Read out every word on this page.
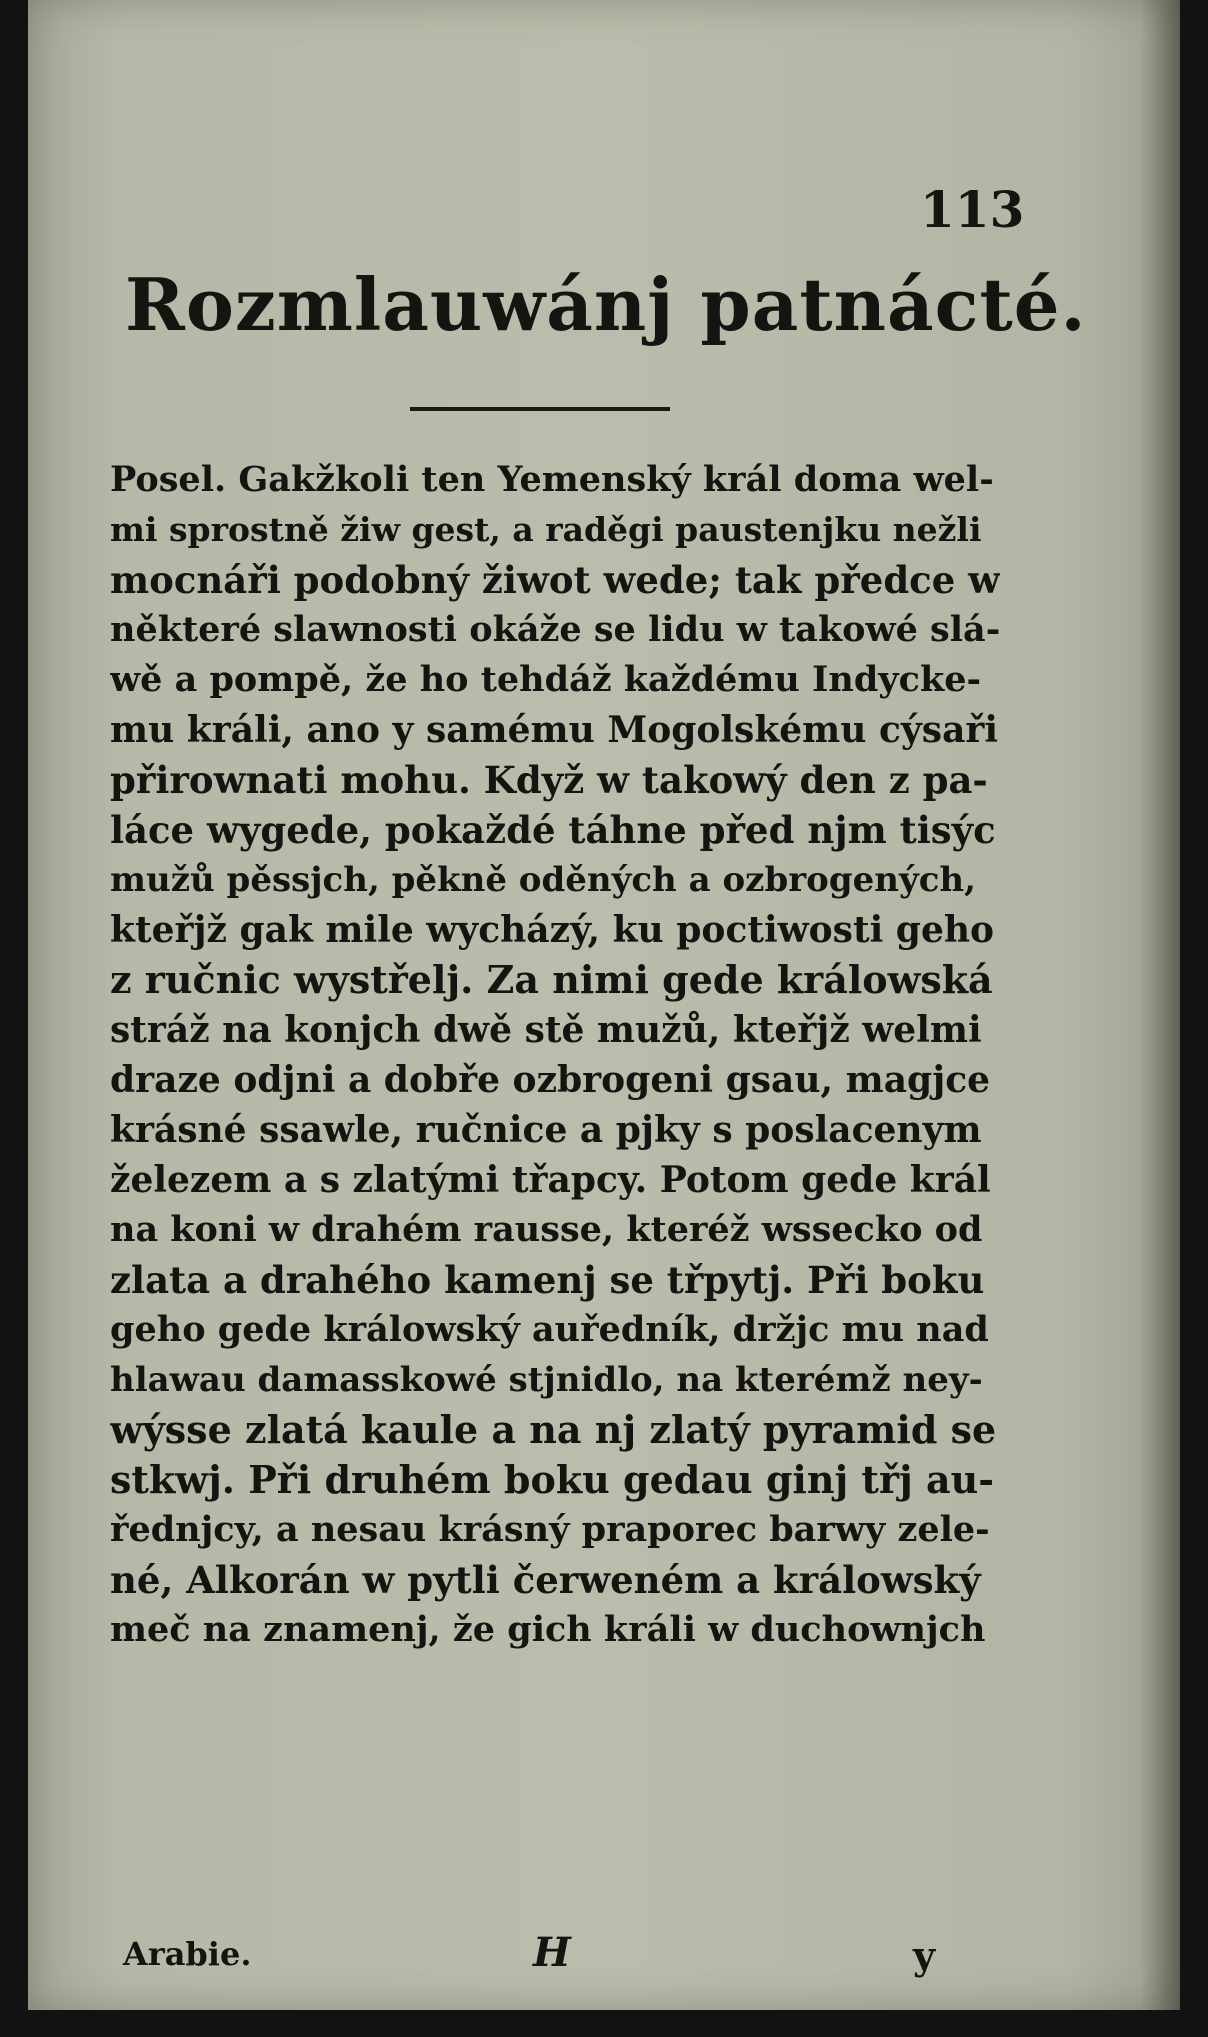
113
Rozmlauwánj patnácté.
Posel. Gakžkoli ten Yemenský král doma wel-
mi sprostně žiw gest, a raděgi paustenjku nežli
mocnáři podobný žiwot wede; tak předce w
některé slawnosti okáže se lidu w takowé slá-
wě a pompě, že ho tehdáž každému Indycke-
mu králi, ano y samému Mogolskému cýsaři
přirownati mohu. Když w takowý den z pa-
láce wygede, pokaždé táhne před njm tisýc
mužů pěssjch, pěkně oděných a ozbrogených,
kteřjž gak mile wycházý, ku poctiwosti geho
z ručnic wystřelj. Za nimi gede králowská
stráž na konjch dwě stě mužů, kteřjž welmi
draze odjni a dobře ozbrogeni gsau, magjce
krásné ssawle, ručnice a pjky s poslacenym
železem a s zlatými třapcy. Potom gede král
na koni w drahém rausse, kteréž wssecko od
zlata a drahého kamenj se třpytj. Při boku
geho gede králowský auředník, držjc mu nad
hlawau damasskowé stjnidlo, na kterémž ney-
wýsse zlatá kaule a na nj zlatý pyramid se
stkwj. Při druhém boku gedau ginj třj au-
řednjcy, a nesau krásný praporec barwy zele-
né, Alkorán w pytli čerweném a králowský
meč na znamenj, že gich králi w duchownjch
Arabie.	H	y
